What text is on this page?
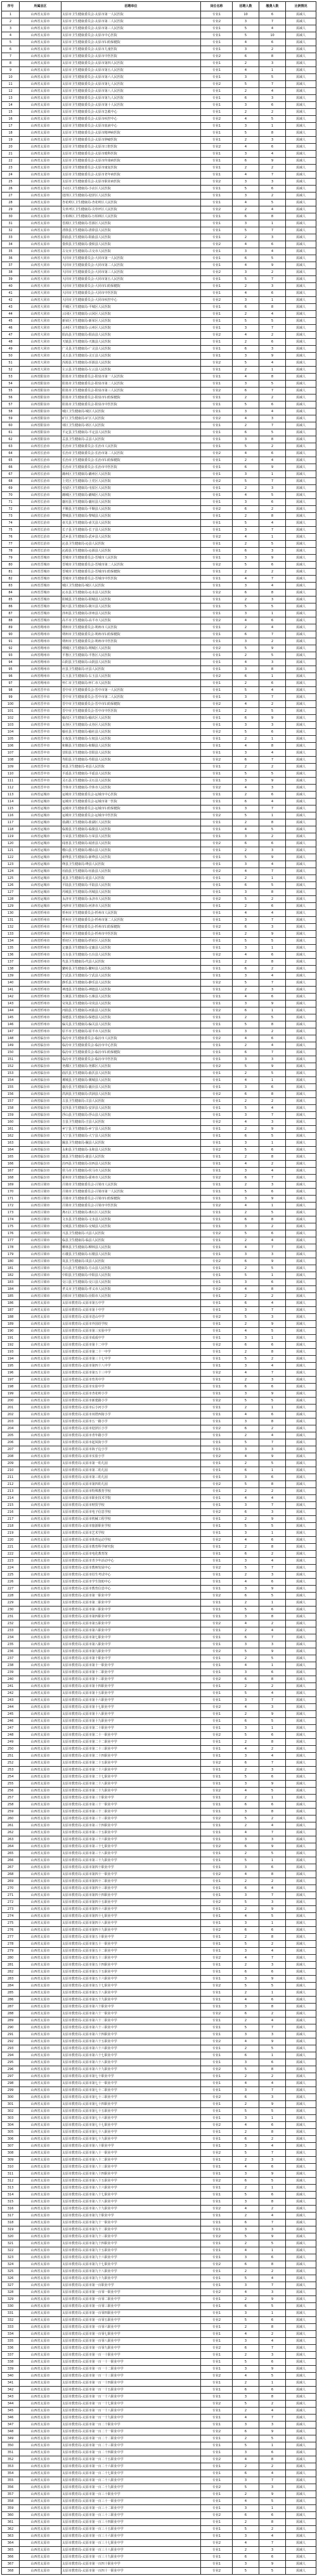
序号	所属县区	招聘单位	岗位名称	招聘人数	缴费人数	比例情况
1	山西省太原市	太原市卫生健康委员会-太原市第一人民医院	专业1	10	6	需减人
2	山西省太原市	太原市卫生健康委员会-太原市第二人民医院	专业2	3	7	需减人
3	山西省太原市	太原市卫生健康委员会-太原市第三人民医院	专业1	5	4	需减人
4	山西省太原市	太原市卫生健康委员会-太原市中心医院	专业1	5	10	需减人
5	山西省太原市	太原市卫生健康委员会-太原市妇幼保健院	专业1	4	6	需减人
6	山西省太原市	太原市卫生健康委员会-太原市儿童医院	专业1	3	2	需减人
7	山西省太原市	太原市卫生健康委员会-太原市中医医院	专业2	6	8	需减人
8	山西省太原市	太原市卫生健康委员会-太原市第四人民医院	专业1	2	3	需减人
9	山西省太原市	太原市卫生健康委员会-太原市第五人民医院	专业1	4	1	需减人
10	山西省太原市	太原市卫生健康委员会-太原市第六人民医院	专业1	3	5	需减人
11	山西省太原市	太原市卫生健康委员会-太原市第七人民医院	专业2	5	7	需减人
12	山西省太原市	太原市卫生健康委员会-太原市第八人民医院	专业1	2	4	需减人
13	山西省太原市	太原市卫生健康委员会-太原市第九人民医院	专业1	6	3	需减人
14	山西省太原市	太原市卫生健康委员会-太原市第十人民医院	专业1	3	6	需减人
15	山西省太原市	太原市卫生健康委员会-太原市急救中心	专业1	2	2	需减人
16	山西省太原市	太原市卫生健康委员会-太原市疾控中心	专业2	4	5	需减人
17	山西省太原市	太原市卫生健康委员会-太原市血液中心	专业1	3	1	需减人
18	山西省太原市	太原市卫生健康委员会-太原市精神病医院	专业1	5	8	需减人
19	山西省太原市	太原市卫生健康委员会-太原市肿瘤医院	专业1	2	3	需减人
20	山西省太原市	太原市卫生健康委员会-太原市口腔医院	专业2	4	6	需减人
21	山西省太原市	太原市卫生健康委员会-太原市眼科医院	专业1	3	4	需减人
22	山西省太原市	太原市卫生健康委员会-太原市传染病医院	专业1	6	9	需减人
23	山西省太原市	太原市卫生健康委员会-太原市康复医院	专业1	2	2	需减人
24	山西省太原市	太原市卫生健康委员会-太原市老年病医院	专业1	4	7	需减人
25	山西省太原市	太原市卫生健康委员会-太原市职业病医院	专业2	3	3	需减人
26	山西省太原市	小店区卫生健康局-小店区人民医院	专业1	5	6	需减人
27	山西省太原市	迎泽区卫生健康局-迎泽区人民医院	专业1	3	2	需减人
28	山西省太原市	杏花岭区卫生健康局-杏花岭区人民医院	专业1	4	5	需减人
29	山西省太原市	尖草坪区卫生健康局-尖草坪区人民医院	专业2	2	4	需减人
30	山西省太原市	万柏林区卫生健康局-万柏林区人民医院	专业1	6	8	需减人
31	山西省太原市	晋源区卫生健康局-晋源区人民医院	专业1	3	1	需减人
32	山西省太原市	清徐县卫生健康局-清徐县人民医院	专业1	5	7	需减人
33	山西省太原市	阳曲县卫生健康局-阳曲县人民医院	专业1	2	3	需减人
34	山西省太原市	娄烦县卫生健康局-娄烦县人民医院	专业2	4	6	需减人
35	山西省太原市	古交市卫生健康局-古交市人民医院	专业1	3	4	需减人
36	山西省大同市	大同市卫生健康委员会-大同市第一人民医院	专业1	6	5	需减人
37	山西省大同市	大同市卫生健康委员会-大同市第二人民医院	专业1	4	9	需减人
38	山西省大同市	大同市卫生健康委员会-大同市第三人民医院	专业2	3	2	需减人
39	山西省大同市	大同市卫生健康委员会-大同市第五人民医院	专业1	5	7	需减人
40	山西省大同市	大同市卫生健康委员会-大同市妇幼保健院	专业1	2	3	需减人
41	山西省大同市	大同市卫生健康委员会-大同市中医医院	专业1	4	6	需减人
42	山西省大同市	大同市卫生健康委员会-大同市疾控中心	专业2	3	1	需减人
43	山西省大同市	平城区卫生健康局-平城区人民医院	专业1	6	8	需减人
44	山西省大同市	云冈区卫生健康局-云冈区人民医院	专业1	2	4	需减人
45	山西省大同市	新荣区卫生健康局-新荣区人民医院	专业1	5	5	需减人
46	山西省大同市	云州区卫生健康局-云州区人民医院	专业1	3	7	需减人
47	山西省大同市	阳高县卫生健康局-阳高县人民医院	专业2	4	2	需减人
48	山西省大同市	天镇县卫生健康局-天镇县人民医院	专业1	2	6	需减人
49	山西省大同市	广灵县卫生健康局-广灵县人民医院	专业1	6	3	需减人
50	山西省大同市	灵丘县卫生健康局-灵丘县人民医院	专业1	3	9	需减人
51	山西省大同市	浑源县卫生健康局-浑源县人民医院	专业2	5	4	需减人
52	山西省大同市	左云县卫生健康局-左云县人民医院	专业1	2	1	需减人
53	山西省阳泉市	阳泉市卫生健康委员会-阳泉市第一人民医院	专业1	4	8	需减人
54	山西省阳泉市	阳泉市卫生健康委员会-阳泉市第二人民医院	专业1	3	5	需减人
55	山西省阳泉市	阳泉市卫生健康委员会-阳泉市第三人民医院	专业2	6	7	需减人
56	山西省阳泉市	阳泉市卫生健康委员会-阳泉市妇幼保健院	专业1	2	2	需减人
57	山西省阳泉市	阳泉市卫生健康委员会-阳泉市中医医院	专业1	5	6	需减人
58	山西省阳泉市	城区卫生健康局-城区人民医院	专业1	3	4	需减人
59	山西省阳泉市	矿区卫生健康局-矿区人民医院	专业2	4	3	需减人
60	山西省阳泉市	郊区卫生健康局-郊区人民医院	专业1	2	7	需减人
61	山西省阳泉市	平定县卫生健康局-平定县人民医院	专业1	6	5	需减人
62	山西省阳泉市	盂县卫生健康局-盂县人民医院	专业1	3	8	需减人
63	山西省长治市	长治市卫生健康委员会-长治市人民医院	专业1	5	2	需减人
64	山西省长治市	长治市卫生健康委员会-长治市第二人民医院	专业2	4	6	需减人
65	山西省长治市	长治市卫生健康委员会-长治市妇幼保健院	专业1	2	4	需减人
66	山西省长治市	长治市卫生健康委员会-长治市中医医院	专业1	6	9	需减人
67	山西省长治市	潞州区卫生健康局-潞州区人民医院	专业1	3	1	需减人
68	山西省长治市	上党区卫生健康局-上党区人民医院	专业2	5	7	需减人
69	山西省长治市	屯留区卫生健康局-屯留区人民医院	专业1	2	3	需减人
70	山西省长治市	潞城区卫生健康局-潞城区人民医院	专业1	4	5	需减人
71	山西省长治市	襄垣县卫生健康局-襄垣县人民医院	专业1	3	6	需减人
72	山西省长治市	平顺县卫生健康局-平顺县人民医院	专业2	6	2	需减人
73	山西省长治市	黎城县卫生健康局-黎城县人民医院	专业1	2	8	需减人
74	山西省长治市	壶关县卫生健康局-壶关县人民医院	专业1	5	4	需减人
75	山西省长治市	长子县卫生健康局-长子县人民医院	专业1	3	7	需减人
76	山西省长治市	武乡县卫生健康局-武乡县人民医院	专业2	4	1	需减人
77	山西省长治市	沁县卫生健康局-沁县人民医院	专业1	2	5	需减人
78	山西省长治市	沁源县卫生健康局-沁源县人民医院	专业1	6	3	需减人
79	山西省晋城市	晋城市卫生健康委员会-晋城市人民医院	专业1	3	9	需减人
80	山西省晋城市	晋城市卫生健康委员会-晋城市第二人民医院	专业2	5	6	需减人
81	山西省晋城市	晋城市卫生健康委员会-晋城市妇幼保健院	专业1	2	2	需减人
82	山西省晋城市	晋城市卫生健康委员会-晋城市中医医院	专业1	4	7	需减人
83	山西省晋城市	城区卫生健康局-城区人民医院	专业1	3	4	需减人
84	山西省晋城市	沁水县卫生健康局-沁水县人民医院	专业2	6	8	需减人
85	山西省晋城市	阳城县卫生健康局-阳城县人民医院	专业1	2	3	需减人
86	山西省晋城市	陵川县卫生健康局-陵川县人民医院	专业1	5	5	需减人
87	山西省晋城市	泽州县卫生健康局-泽州县人民医院	专业1	3	1	需减人
88	山西省晋城市	高平市卫生健康局-高平市人民医院	专业2	4	6	需减人
89	山西省朔州市	朔州市卫生健康委员会-朔州市人民医院	专业1	2	4	需减人
90	山西省朔州市	朔州市卫生健康委员会-朔州市妇幼保健院	专业1	6	7	需减人
91	山西省朔州市	朔州市卫生健康委员会-朔州市中医医院	专业1	3	2	需减人
92	山西省朔州市	朔城区卫生健康局-朔城区人民医院	专业2	5	9	需减人
93	山西省朔州市	平鲁区卫生健康局-平鲁区人民医院	专业1	2	5	需减人
94	山西省朔州市	山阴县卫生健康局-山阴县人民医院	专业1	4	3	需减人
95	山西省朔州市	应县卫生健康局-应县人民医院	专业1	3	8	需减人
96	山西省朔州市	右玉县卫生健康局-右玉县人民医院	专业2	6	1	需减人
97	山西省朔州市	怀仁市卫生健康局-怀仁市人民医院	专业1	2	6	需减人
98	山西省晋中市	晋中市卫生健康委员会-晋中市第一人民医院	专业1	5	4	需减人
99	山西省晋中市	晋中市卫生健康委员会-晋中市第二人民医院	专业1	3	7	需减人
100	山西省晋中市	晋中市卫生健康委员会-晋中市妇幼保健院	专业2	4	2	需减人
101	山西省晋中市	晋中市卫生健康委员会-晋中市中医医院	专业1	2	5	需减人
102	山西省晋中市	榆次区卫生健康局-榆次区人民医院	专业1	6	9	需减人
103	山西省晋中市	太谷区卫生健康局-太谷区人民医院	专业1	3	3	需减人
104	山西省晋中市	榆社县卫生健康局-榆社县人民医院	专业2	5	6	需减人
105	山西省晋中市	左权县卫生健康局-左权县人民医院	专业1	2	1	需减人
106	山西省晋中市	和顺县卫生健康局-和顺县人民医院	专业1	4	8	需减人
107	山西省晋中市	昔阳县卫生健康局-昔阳县人民医院	专业1	3	4	需减人
108	山西省晋中市	寿阳县卫生健康局-寿阳县人民医院	专业2	6	7	需减人
109	山西省晋中市	祁县卫生健康局-祁县人民医院	专业1	2	2	需减人
110	山西省晋中市	平遥县卫生健康局-平遥县人民医院	专业1	5	5	需减人
111	山西省晋中市	灵石县卫生健康局-灵石县人民医院	专业1	3	9	需减人
112	山西省晋中市	介休市卫生健康局-介休市人民医院	专业2	4	3	需减人
113	山西省运城市	运城市卫生健康委员会-运城市中心医院	专业1	2	6	需减人
114	山西省运城市	运城市卫生健康委员会-运城市第一医院	专业1	6	4	需减人
115	山西省运城市	运城市卫生健康委员会-运城市妇幼保健院	专业1	3	7	需减人
116	山西省运城市	运城市卫生健康委员会-运城市中医医院	专业2	5	1	需减人
117	山西省运城市	盐湖区卫生健康局-盐湖区人民医院	专业1	2	8	需减人
118	山西省运城市	临猗县卫生健康局-临猗县人民医院	专业1	4	5	需减人
119	山西省运城市	万荣县卫生健康局-万荣县人民医院	专业1	3	2	需减人
120	山西省运城市	闻喜县卫生健康局-闻喜县人民医院	专业2	6	6	需减人
121	山西省运城市	稷山县卫生健康局-稷山县人民医院	专业1	2	3	需减人
122	山西省运城市	新绛县卫生健康局-新绛县人民医院	专业1	5	9	需减人
123	山西省运城市	绛县卫生健康局-绛县人民医院	专业1	3	4	需减人
124	山西省运城市	垣曲县卫生健康局-垣曲县人民医院	专业2	4	7	需减人
125	山西省运城市	夏县卫生健康局-夏县人民医院	专业1	2	1	需减人
126	山西省运城市	平陆县卫生健康局-平陆县人民医院	专业1	6	5	需减人
127	山西省运城市	芮城县卫生健康局-芮城县人民医院	专业1	3	8	需减人
128	山西省运城市	永济市卫生健康局-永济市人民医院	专业2	5	2	需减人
129	山西省运城市	河津市卫生健康局-河津市人民医院	专业1	2	6	需减人
130	山西省忻州市	忻州市卫生健康委员会-忻州市人民医院	专业1	4	4	需减人
131	山西省忻州市	忻州市卫生健康委员会-忻州市第二人民医院	专业1	3	7	需减人
132	山西省忻州市	忻州市卫生健康委员会-忻州市妇幼保健院	专业2	6	3	需减人
133	山西省忻州市	忻州市卫生健康委员会-忻州市中医医院	专业1	2	9	需减人
134	山西省忻州市	忻府区卫生健康局-忻府区人民医院	专业1	5	5	需减人
135	山西省忻州市	定襄县卫生健康局-定襄县人民医院	专业1	3	1	需减人
136	山西省忻州市	五台县卫生健康局-五台县人民医院	专业2	4	6	需减人
137	山西省忻州市	代县卫生健康局-代县人民医院	专业1	2	8	需减人
138	山西省忻州市	繁峙县卫生健康局-繁峙县人民医院	专业1	6	2	需减人
139	山西省忻州市	宁武县卫生健康局-宁武县人民医院	专业1	3	4	需减人
140	山西省忻州市	静乐县卫生健康局-静乐县人民医院	专业2	5	7	需减人
141	山西省忻州市	神池县卫生健康局-神池县人民医院	专业1	2	3	需减人
142	山西省忻州市	五寨县卫生健康局-五寨县人民医院	专业1	4	6	需减人
143	山西省忻州市	岢岚县卫生健康局-岢岚县人民医院	专业1	3	9	需减人
144	山西省忻州市	河曲县卫生健康局-河曲县人民医院	专业2	6	1	需减人
145	山西省忻州市	保德县卫生健康局-保德县人民医院	专业1	2	5	需减人
146	山西省忻州市	偏关县卫生健康局-偏关县人民医院	专业1	5	8	需减人
147	山西省忻州市	原平市卫生健康局-原平市人民医院	专业1	3	2	需减人
148	山西省临汾市	临汾市卫生健康委员会-临汾市人民医院	专业2	4	6	需减人
149	山西省临汾市	临汾市卫生健康委员会-临汾市中心医院	专业1	2	4	需减人
150	山西省临汾市	临汾市卫生健康委员会-临汾市妇幼保健院	专业1	6	7	需减人
151	山西省临汾市	临汾市卫生健康委员会-临汾市中医医院	专业1	3	3	需减人
152	山西省临汾市	尧都区卫生健康局-尧都区人民医院	专业2	5	9	需减人
153	山西省临汾市	曲沃县卫生健康局-曲沃县人民医院	专业1	2	5	需减人
154	山西省临汾市	翼城县卫生健康局-翼城县人民医院	专业1	4	1	需减人
155	山西省临汾市	襄汾县卫生健康局-襄汾县人民医院	专业1	3	6	需减人
156	山西省临汾市	洪洞县卫生健康局-洪洞县人民医院	专业2	6	8	需减人
157	山西省临汾市	古县卫生健康局-古县人民医院	专业1	2	2	需减人
158	山西省临汾市	安泽县卫生健康局-安泽县人民医院	专业1	5	4	需减人
159	山西省临汾市	浮山县卫生健康局-浮山县人民医院	专业1	3	7	需减人
160	山西省临汾市	吉县卫生健康局-吉县人民医院	专业2	4	3	需减人
161	山西省临汾市	乡宁县卫生健康局-乡宁县人民医院	专业1	2	9	需减人
162	山西省临汾市	大宁县卫生健康局-大宁县人民医院	专业1	6	5	需减人
163	山西省临汾市	隰县卫生健康局-隰县人民医院	专业1	3	1	需减人
164	山西省临汾市	永和县卫生健康局-永和县人民医院	专业2	5	6	需减人
165	山西省临汾市	蒲县卫生健康局-蒲县人民医院	专业1	2	8	需减人
166	山西省临汾市	汾西县卫生健康局-汾西县人民医院	专业1	4	2	需减人
167	山西省临汾市	侯马市卫生健康局-侯马市人民医院	专业1	3	4	需减人
168	山西省临汾市	霍州市卫生健康局-霍州市人民医院	专业2	6	7	需减人
169	山西省吕梁市	吕梁市卫生健康委员会-吕梁市人民医院	专业1	2	3	需减人
170	山西省吕梁市	吕梁市卫生健康委员会-吕梁市第一人民医院	专业1	5	6	需减人
171	山西省吕梁市	吕梁市卫生健康委员会-吕梁市妇幼保健院	专业1	3	9	需减人
172	山西省吕梁市	吕梁市卫生健康委员会-吕梁市中医医院	专业2	4	1	需减人
173	山西省吕梁市	离石区卫生健康局-离石区人民医院	专业1	2	5	需减人
174	山西省吕梁市	文水县卫生健康局-文水县人民医院	专业1	6	8	需减人
175	山西省吕梁市	交城县卫生健康局-交城县人民医院	专业1	3	2	需减人
176	山西省吕梁市	兴县卫生健康局-兴县人民医院	专业2	5	6	需减人
177	山西省吕梁市	临县卫生健康局-临县人民医院	专业1	2	4	需减人
178	山西省吕梁市	柳林县卫生健康局-柳林县人民医院	专业1	4	7	需减人
179	山西省吕梁市	石楼县卫生健康局-石楼县人民医院	专业1	3	3	需减人
180	山西省吕梁市	岚县卫生健康局-岚县人民医院	专业2	6	9	需减人
181	山西省吕梁市	方山县卫生健康局-方山县人民医院	专业1	2	5	需减人
182	山西省吕梁市	中阳县卫生健康局-中阳县人民医院	专业1	5	1	需减人
183	山西省吕梁市	交口县卫生健康局-交口县人民医院	专业1	3	6	需减人
184	山西省吕梁市	孝义市卫生健康局-孝义市人民医院	专业2	4	8	需减人
185	山西省吕梁市	汾阳市卫生健康局-汾阳市人民医院	专业1	2	2	需减人
186	山西省太原市	太原市教育局-太原市第五中学	专业1	6	4	需减人
187	山西省太原市	太原市教育局-太原市第十中学	专业1	3	7	需减人
188	山西省太原市	太原市教育局-太原市进山中学	专业2	5	3	需减人
189	山西省太原市	太原市教育局-太原市外国语学校	专业1	2	9	需减人
190	山西省太原市	太原市教育局-太原市第三实验中学	专业1	4	5	需减人
191	山西省太原市	太原市教育局-太原市成成中学	专业1	3	1	需减人
192	山西省太原市	太原市教育局-太原市第十二中学	专业2	6	6	需减人
193	山西省太原市	太原市教育局-太原市第二十一中学	专业1	2	8	需减人
194	山西省太原市	太原市教育局-太原市第三十七中学	专业1	5	2	需减人
195	山西省太原市	太原市教育局-太原市第四十八中学	专业1	3	4	需减人
196	山西省太原市	太原市教育局-太原市第五十三中学	专业2	4	7	需减人
197	山西省太原市	太原市教育局-太原市育英中学	专业1	2	3	需减人
198	山西省太原市	太原市教育局-太原市实验中学	专业1	6	6	需减人
199	山西省太原市	太原市教育局-太原市杏花岭小学	专业1	3	9	需减人
200	山西省太原市	太原市教育局-太原市新建路小学	专业2	5	5	需减人
201	山西省太原市	太原市教育局-太原市后小河小学	专业1	2	1	需减人
202	山西省太原市	太原市教育局-太原市双塔西街小学	专业1	4	6	需减人
203	山西省太原市	太原市教育局-太原市五一路小学	专业1	3	8	需减人
204	山西省太原市	太原市教育局-太原市迎泽区小学	专业2	6	2	需减人
205	山西省太原市	太原市教育局-太原市青年路小学	专业1	2	4	需减人
206	山西省太原市	太原市教育局-太原市起凤街小学	专业1	5	7	需减人
207	山西省太原市	太原市教育局-太原市海子边小学	专业1	3	3	需减人
208	山西省太原市	太原市教育局-太原市实验小学	专业2	4	9	需减人
209	山西省太原市	太原市教育局-太原市第一幼儿园	专业1	2	5	需减人
210	山西省太原市	太原市教育局-太原市第二幼儿园	专业1	6	1	需减人
211	山西省太原市	太原市教育局-太原市第三幼儿园	专业1	3	6	需减人
212	山西省太原市	太原市教育局-太原市第四幼儿园	专业2	5	8	需减人
213	山西省太原市	太原市教育局-太原市特殊教育学校	专业1	2	2	需减人
214	山西省太原市	太原市教育局-太原市职业技术学院	专业1	4	4	需减人
215	山西省太原市	太原市教育局-太原市财贸学校	专业1	3	7	需减人
216	山西省太原市	太原市教育局-太原市电子信息学校	专业2	6	3	需减人
217	山西省太原市	太原市教育局-太原市机械工程学校	专业1	2	9	需减人
218	山西省太原市	太原市教育局-太原市旅游职业学校	专业1	5	5	需减人
219	山西省太原市	太原市教育局-太原市艺术学校	专业1	3	1	需减人
220	山西省太原市	太原市教育局-太原市体育运动学校	专业2	4	6	需减人
221	山西省太原市	太原市教育局-太原市教育科学研究院	专业1	2	8	需减人
222	山西省太原市	太原市教育局-太原市电化教育馆	专业1	6	2	需减人
223	山西省太原市	太原市教育局-太原市青少年活动中心	专业1	3	4	需减人
224	山西省太原市	太原市教育局-太原市教师发展中心	专业2	5	7	需减人
225	山西省太原市	太原市教育局-太原市招生考试中心	专业1	2	3	需减人
226	山西省太原市	太原市教育局-太原市学生资助中心	专业1	4	6	需减人
227	山西省太原市	太原市教育局-太原市教育信息中心	专业1	3	9	需减人
228	山西省太原市	太原市教育局-太原市第一职业中学	专业2	6	5	需减人
229	山西省太原市	太原市教育局-太原市第二职业中学	专业1	2	1	需减人
230	山西省太原市	太原市教育局-太原市第三职业中学	专业1	5	6	需减人
231	山西省太原市	太原市教育局-太原市第四职业中学	专业1	3	8	需减人
232	山西省太原市	太原市教育局-太原市第五职业中学	专业2	4	2	需减人
233	山西省太原市	太原市教育局-太原市第六职业中学	专业1	2	4	需减人
234	山西省太原市	太原市教育局-太原市第七职业中学	专业1	6	7	需减人
235	山西省太原市	太原市教育局-太原市第八职业中学	专业1	3	3	需减人
236	山西省太原市	太原市教育局-太原市第九职业中学	专业2	5	9	需减人
237	山西省太原市	太原市教育局-太原市第十职业中学	专业1	2	5	需减人
238	山西省太原市	太原市教育局-太原市第十一职业中学	专业1	4	1	需减人
239	山西省太原市	太原市教育局-太原市第十二职业中学	专业1	3	6	需减人
240	山西省太原市	太原市教育局-太原市第十三职业中学	专业2	6	8	需减人
241	山西省太原市	太原市教育局-太原市第十四职业中学	专业1	2	2	需减人
242	山西省太原市	太原市教育局-太原市第十五职业中学	专业1	5	4	需减人
243	山西省太原市	太原市教育局-太原市第十六职业中学	专业1	3	7	需减人
244	山西省太原市	太原市教育局-太原市第十七职业中学	专业2	4	3	需减人
245	山西省太原市	太原市教育局-太原市第十八职业中学	专业1	2	9	需减人
246	山西省太原市	太原市教育局-太原市第十九职业中学	专业1	6	5	需减人
247	山西省太原市	太原市教育局-太原市第二十职业中学	专业1	3	1	需减人
248	山西省太原市	太原市教育局-太原市第二十一职业中学	专业2	5	6	需减人
249	山西省太原市	太原市教育局-太原市第二十二职业中学	专业1	2	8	需减人
250	山西省太原市	太原市教育局-太原市第二十三职业中学	专业1	4	2	需减人
251	山西省太原市	太原市教育局-太原市第二十四职业中学	专业1	3	4	需减人
252	山西省太原市	太原市教育局-太原市第二十五职业中学	专业2	6	7	需减人
253	山西省太原市	太原市教育局-太原市第二十六职业中学	专业1	2	3	需减人
254	山西省太原市	太原市教育局-太原市第二十七职业中学	专业1	5	6	需减人
255	山西省太原市	太原市教育局-太原市第二十八职业中学	专业1	3	9	需减人
256	山西省太原市	太原市教育局-太原市第二十九职业中学	专业2	4	5	需减人
257	山西省太原市	太原市教育局-太原市第三十职业中学	专业1	2	1	需减人
258	山西省太原市	太原市教育局-太原市第三十一职业中学	专业1	6	6	需减人
259	山西省太原市	太原市教育局-太原市第三十二职业中学	专业1	3	8	需减人
260	山西省太原市	太原市教育局-太原市第三十三职业中学	专业2	5	2	需减人
261	山西省太原市	太原市教育局-太原市第三十四职业中学	专业1	2	4	需减人
262	山西省太原市	太原市教育局-太原市第三十五职业中学	专业1	4	7	需减人
263	山西省太原市	太原市教育局-太原市第三十六职业中学	专业1	3	3	需减人
264	山西省太原市	太原市教育局-太原市第三十七职业中学	专业2	6	9	需减人
265	山西省太原市	太原市教育局-太原市第三十八职业中学	专业1	2	5	需减人
266	山西省太原市	太原市教育局-太原市第三十九职业中学	专业1	5	1	需减人
267	山西省太原市	太原市教育局-太原市第四十职业中学	专业1	3	6	需减人
268	山西省太原市	太原市教育局-太原市第四十一职业中学	专业2	4	8	需减人
269	山西省太原市	太原市教育局-太原市第四十二职业中学	专业1	2	2	需减人
270	山西省太原市	太原市教育局-太原市第四十三职业中学	专业1	6	4	需减人
271	山西省太原市	太原市教育局-太原市第四十四职业中学	专业1	3	7	需减人
272	山西省太原市	太原市教育局-太原市第四十五职业中学	专业2	5	3	需减人
273	山西省太原市	太原市教育局-太原市第四十六职业中学	专业1	2	9	需减人
274	山西省太原市	太原市教育局-太原市第四十七职业中学	专业1	4	5	需减人
275	山西省太原市	太原市教育局-太原市第四十八职业中学	专业1	3	1	需减人
276	山西省太原市	太原市教育局-太原市第四十九职业中学	专业2	6	6	需减人
277	山西省太原市	太原市教育局-太原市第五十职业中学	专业1	2	8	需减人
278	山西省太原市	太原市教育局-太原市第五十一职业中学	专业1	5	2	需减人
279	山西省太原市	太原市教育局-太原市第五十二职业中学	专业1	3	4	需减人
280	山西省太原市	太原市教育局-太原市第五十三职业中学	专业2	4	7	需减人
281	山西省太原市	太原市教育局-太原市第五十四职业中学	专业1	2	3	需减人
282	山西省太原市	太原市教育局-太原市第五十五职业中学	专业1	6	6	需减人
283	山西省太原市	太原市教育局-太原市第五十六职业中学	专业1	3	9	需减人
284	山西省太原市	太原市教育局-太原市第五十七职业中学	专业2	5	5	需减人
285	山西省太原市	太原市教育局-太原市第五十八职业中学	专业1	2	1	需减人
286	山西省太原市	太原市教育局-太原市第五十九职业中学	专业1	4	6	需减人
287	山西省太原市	太原市教育局-太原市第六十职业中学	专业1	3	8	需减人
288	山西省太原市	太原市教育局-太原市第六十一职业中学	专业2	6	2	需减人
289	山西省太原市	太原市教育局-太原市第六十二职业中学	专业1	2	4	需减人
290	山西省太原市	太原市教育局-太原市第六十三职业中学	专业1	5	7	需减人
291	山西省太原市	太原市教育局-太原市第六十四职业中学	专业1	3	3	需减人
292	山西省太原市	太原市教育局-太原市第六十五职业中学	专业2	4	9	需减人
293	山西省太原市	太原市教育局-太原市第六十六职业中学	专业1	2	5	需减人
294	山西省太原市	太原市教育局-太原市第六十七职业中学	专业1	6	1	需减人
295	山西省太原市	太原市教育局-太原市第六十八职业中学	专业1	3	6	需减人
296	山西省太原市	太原市教育局-太原市第六十九职业中学	专业2	5	8	需减人
297	山西省太原市	太原市教育局-太原市第七十职业中学	专业1	2	2	需减人
298	山西省太原市	太原市教育局-太原市第七十一职业中学	专业1	4	4	需减人
299	山西省太原市	太原市教育局-太原市第七十二职业中学	专业1	3	7	需减人
300	山西省太原市	太原市教育局-太原市第七十三职业中学	专业2	6	3	需减人
301	山西省太原市	太原市教育局-太原市第七十四职业中学	专业1	2	9	需减人
302	山西省太原市	太原市教育局-太原市第七十五职业中学	专业1	5	5	需减人
303	山西省太原市	太原市教育局-太原市第七十六职业中学	专业1	3	1	需减人
304	山西省太原市	太原市教育局-太原市第七十七职业中学	专业2	4	6	需减人
305	山西省太原市	太原市教育局-太原市第七十八职业中学	专业1	2	8	需减人
306	山西省太原市	太原市教育局-太原市第七十九职业中学	专业1	6	2	需减人
307	山西省太原市	太原市教育局-太原市第八十职业中学	专业1	3	4	需减人
308	山西省太原市	太原市教育局-太原市第八十一职业中学	专业2	5	7	需减人
309	山西省太原市	太原市教育局-太原市第八十二职业中学	专业1	2	3	需减人
310	山西省太原市	太原市教育局-太原市第八十三职业中学	专业1	4	6	需减人
311	山西省太原市	太原市教育局-太原市第八十四职业中学	专业1	3	9	需减人
312	山西省太原市	太原市教育局-太原市第八十五职业中学	专业2	6	5	需减人
313	山西省太原市	太原市教育局-太原市第八十六职业中学	专业1	2	1	需减人
314	山西省太原市	太原市教育局-太原市第八十七职业中学	专业1	5	6	需减人
315	山西省太原市	太原市教育局-太原市第八十八职业中学	专业1	3	8	需减人
316	山西省太原市	太原市教育局-太原市第八十九职业中学	专业2	4	2	需减人
317	山西省太原市	太原市教育局-太原市第九十职业中学	专业1	2	4	需减人
318	山西省太原市	太原市教育局-太原市第九十一职业中学	专业1	6	7	需减人
319	山西省太原市	太原市教育局-太原市第九十二职业中学	专业1	3	3	需减人
320	山西省太原市	太原市教育局-太原市第九十三职业中学	专业2	5	9	需减人
321	山西省太原市	太原市教育局-太原市第九十四职业中学	专业1	2	5	需减人
322	山西省太原市	太原市教育局-太原市第九十五职业中学	专业1	4	1	需减人
323	山西省太原市	太原市教育局-太原市第九十六职业中学	专业1	3	6	需减人
324	山西省太原市	太原市教育局-太原市第九十七职业中学	专业2	6	8	需减人
325	山西省太原市	太原市教育局-太原市第九十八职业中学	专业1	2	2	需减人
326	山西省太原市	太原市教育局-太原市第九十九职业中学	专业1	5	4	需减人
327	山西省太原市	太原市教育局-太原市第一百职业中学	专业1	3	7	需减人
328	山西省太原市	太原市教育局-太原市第一百零一职业中学	专业2	4	3	需减人
329	山西省太原市	太原市教育局-太原市第一百零二职业中学	专业1	2	9	需减人
330	山西省太原市	太原市教育局-太原市第一百零三职业中学	专业1	6	5	需减人
331	山西省太原市	太原市教育局-太原市第一百零四职业中学	专业1	3	1	需减人
332	山西省太原市	太原市教育局-太原市第一百零五职业中学	专业2	5	6	需减人
333	山西省太原市	太原市教育局-太原市第一百零六职业中学	专业1	2	8	需减人
334	山西省太原市	太原市教育局-太原市第一百零七职业中学	专业1	4	2	需减人
335	山西省太原市	太原市教育局-太原市第一百零八职业中学	专业1	3	4	需减人
336	山西省太原市	太原市教育局-太原市第一百零九职业中学	专业2	6	7	需减人
337	山西省太原市	太原市教育局-太原市第一百一十职业中学	专业1	2	3	需减人
338	山西省太原市	太原市教育局-太原市第一百一十一职业中学	专业1	5	6	需减人
339	山西省太原市	太原市教育局-太原市第一百一十二职业中学	专业1	3	9	需减人
340	山西省太原市	太原市教育局-太原市第一百一十三职业中学	专业2	4	5	需减人
341	山西省太原市	太原市教育局-太原市第一百一十四职业中学	专业1	2	1	需减人
342	山西省太原市	太原市教育局-太原市第一百一十五职业中学	专业1	6	6	需减人
343	山西省太原市	太原市教育局-太原市第一百一十六职业中学	专业1	3	8	需减人
344	山西省太原市	太原市教育局-太原市第一百一十七职业中学	专业2	5	2	需减人
345	山西省太原市	太原市教育局-太原市第一百一十八职业中学	专业1	2	4	需减人
346	山西省太原市	太原市教育局-太原市第一百一十九职业中学	专业1	4	7	需减人
347	山西省太原市	太原市教育局-太原市第一百二十职业中学	专业1	3	3	需减人
348	山西省太原市	太原市教育局-太原市第一百二十一职业中学	专业2	6	9	需减人
349	山西省太原市	太原市教育局-太原市第一百二十二职业中学	专业1	2	5	需减人
350	山西省太原市	太原市教育局-太原市第一百二十三职业中学	专业1	5	1	需减人
351	山西省太原市	太原市教育局-太原市第一百二十四职业中学	专业1	3	6	需减人
352	山西省太原市	太原市教育局-太原市第一百二十五职业中学	专业2	4	8	需减人
353	山西省太原市	太原市教育局-太原市第一百二十六职业中学	专业1	2	2	需减人
354	山西省太原市	太原市教育局-太原市第一百二十七职业中学	专业1	6	4	需减人
355	山西省太原市	太原市教育局-太原市第一百二十八职业中学	专业1	3	7	需减人
356	山西省太原市	太原市教育局-太原市第一百二十九职业中学	专业2	5	3	需减人
357	山西省太原市	太原市教育局-太原市第一百三十职业中学	专业1	2	9	需减人
358	山西省太原市	太原市教育局-太原市第一百三十一职业中学	专业1	4	5	需减人
359	山西省太原市	太原市教育局-太原市第一百三十二职业中学	专业1	3	1	需减人
360	山西省太原市	太原市教育局-太原市第一百三十三职业中学	专业2	6	6	需减人
361	山西省太原市	太原市教育局-太原市第一百三十四职业中学	专业1	2	8	需减人
362	山西省太原市	太原市教育局-太原市第一百三十五职业中学	专业1	5	2	需减人
363	山西省太原市	太原市教育局-太原市第一百三十六职业中学	专业1	3	4	需减人
364	山西省太原市	太原市教育局-太原市第一百三十七职业中学	专业2	4	7	需减人
365	山西省太原市	太原市教育局-太原市第一百三十八职业中学	专业1	2	3	需减人
366	山西省太原市	太原市教育局-太原市第一百三十九职业中学	专业1	6	6	需减人
367	山西省太原市	太原市教育局-太原市第一百四十职业中学	专业1	3	9	需减人
368	山西省太原市	太原市教育局-太原市第一百四十一职业中学	专业2	5	5	需减人
